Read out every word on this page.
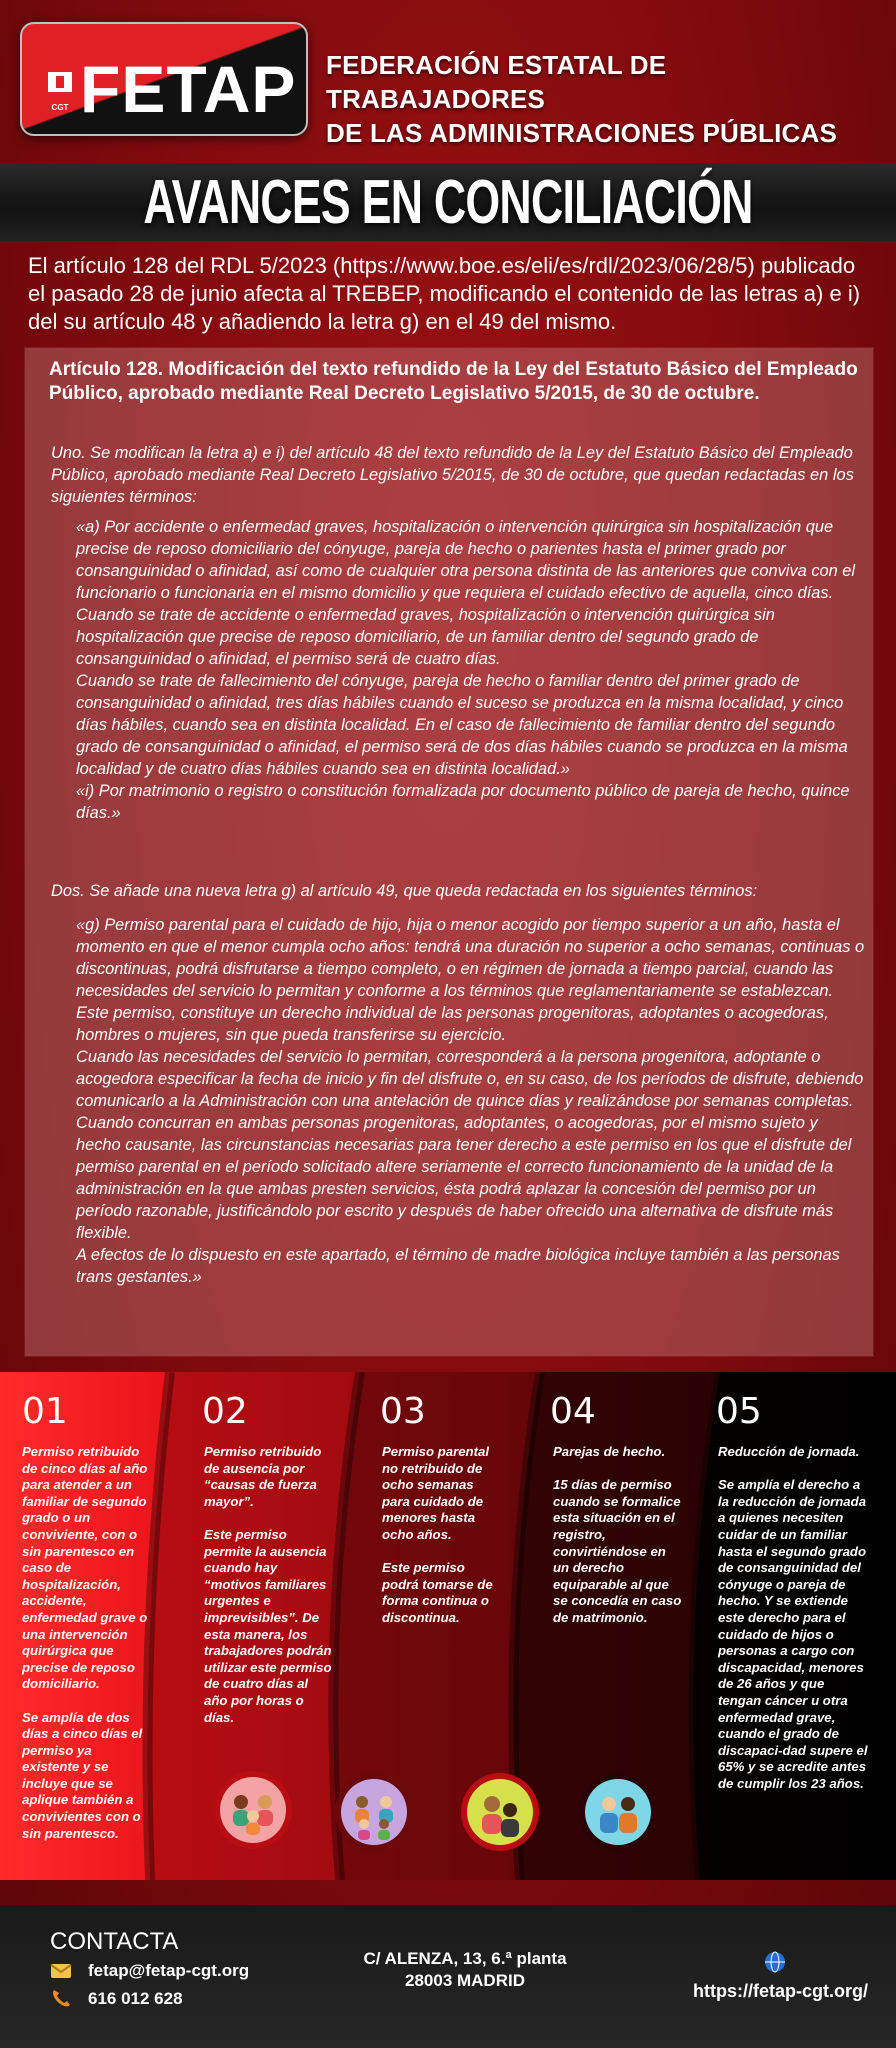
CGT FETAP FEDERACIÓN ESTATAL DE TRABAJADORES
DE LAS ADMINISTRACIONES PÚBLICAS
AVANCES EN CONCILIACIÓN
El artículo 128 del RDL 5/2023 (https://www.boe.es/eli/es/rdl/2023/06/28/5) publicado el pasado 28 de junio afecta al TREBEP, modificando el contenido de las letras a) e i) del su artículo 48 y añadiendo la letra g) en el 49 del mismo.
Artículo 128. Modificación del texto refundido de la Ley del Estatuto Básico del Empleado Público, aprobado mediante Real Decreto Legislativo 5/2015, de 30 de octubre.
Uno. Se modifican la letra a) e i) del artículo 48 del texto refundido de la Ley del Estatuto Básico del Empleado Público, aprobado mediante Real Decreto Legislativo 5/2015, de 30 de octubre, que quedan redactadas en los siguientes términos:

«a) Por accidente o enfermedad graves, hospitalización o intervención quirúrgica sin hospitalización que precise de reposo domiciliario del cónyuge, pareja de hecho o parientes hasta el primer grado por consanguinidad o afinidad, así como de cualquier otra persona distinta de las anteriores que conviva con el funcionario o funcionaria en el mismo domicilio y que requiera el cuidado efectivo de aquella, cinco días.

Cuando se trate de accidente o enfermedad graves, hospitalización o intervención quirúrgica sin hospitalización que precise de reposo domiciliario, de un familiar dentro del segundo grado de consanguinidad o afinidad, el permiso será de cuatro días.

Cuando se trate de fallecimiento del cónyuge, pareja de hecho o familiar dentro del primer grado de consanguinidad o afinidad, tres días hábiles cuando el suceso se produzca en la misma localidad, y cinco días hábiles, cuando sea en distinta localidad. En el caso de fallecimiento de familiar dentro del segundo grado de consanguinidad o afinidad, el permiso será de dos días hábiles cuando se produzca en la misma localidad y de cuatro días hábiles cuando sea en distinta localidad.»

«i) Por matrimonio o registro o constitución formalizada por documento público de pareja de hecho, quince días.»

Dos. Se añade una nueva letra g) al artículo 49, que queda redactada en los siguientes términos:

«g) Permiso parental para el cuidado de hijo, hija o menor acogido por tiempo superior a un año, hasta el momento en que el menor cumpla ocho años: tendrá una duración no superior a ocho semanas, continuas o discontinuas, podrá disfrutarse a tiempo completo, o en régimen de jornada a tiempo parcial, cuando las necesidades del servicio lo permitan y conforme a los términos que reglamentariamente se establezcan.

Este permiso, constituye un derecho individual de las personas progenitoras, adoptantes o acogedoras, hombres o mujeres, sin que pueda transferirse su ejercicio.

Cuando las necesidades del servicio lo permitan, corresponderá a la persona progenitora, adoptante o acogedora especificar la fecha de inicio y fin del disfrute o, en su caso, de los períodos de disfrute, debiendo comunicarlo a la Administración con una antelación de quince días y realizándose por semanas completas.

Cuando concurran en ambas personas progenitoras, adoptantes, o acogedoras, por el mismo sujeto y hecho causante, las circunstancias necesarias para tener derecho a este permiso en los que el disfrute del permiso parental en el período solicitado altere seriamente el correcto funcionamiento de la unidad de la administración en la que ambas presten servicios, ésta podrá aplazar la concesión del permiso por un período razonable, justificándolo por escrito y después de haber ofrecido una alternativa de disfrute más flexible.

A efectos de lo dispuesto en este apartado, el término de madre biológica incluye también a las personas trans gestantes.»

01
Permiso retribuido de cinco días al año para atender a un familiar de segundo grado o un conviviente, con o sin parentesco en caso de hospitalización, accidente, enfermedad grave o una intervención quirúrgica que precise de reposo domiciliario.

Se amplía de dos días a cinco días el permiso ya existente y se incluye que se aplique también a convivientes con o sin parentesco.
02
Permiso retribuido de ausencia por “causas de fuerza mayor”.

Este permiso permite la ausencia cuando hay “motivos familiares urgentes e imprevisibles”. De esta manera, los trabajadores podrán utilizar este permiso de cuatro días al año por horas o días.
03
Permiso parental no retribuido de ocho semanas para cuidado de menores hasta ocho años.

Este permiso podrá tomarse de forma continua o discontinua.
04
Parejas de hecho.

15 días de permiso cuando se formalice esta situación en el registro, convirtiéndose en un derecho equiparable al que se concedía en caso de matrimonio.
05
Reducción de jornada.

Se amplía el derecho a la reducción de jornada a quienes necesiten cuidar de un familiar hasta el segundo grado de consanguinidad del cónyuge o pareja de hecho. Y se extiende este derecho para el cuidado de hijos o personas a cargo con discapacidad, menores de 26 años y que tengan cáncer u otra enfermedad grave, cuando el grado de discapaci-dad supere el 65% y se acredite antes de cumplir los 23 años.
CONTACTA
fetap@fetap-cgt.org
616 012 628
C/ ALENZA, 13, 6.ª planta
28003 MADRID
https://fetap-cgt.org/
